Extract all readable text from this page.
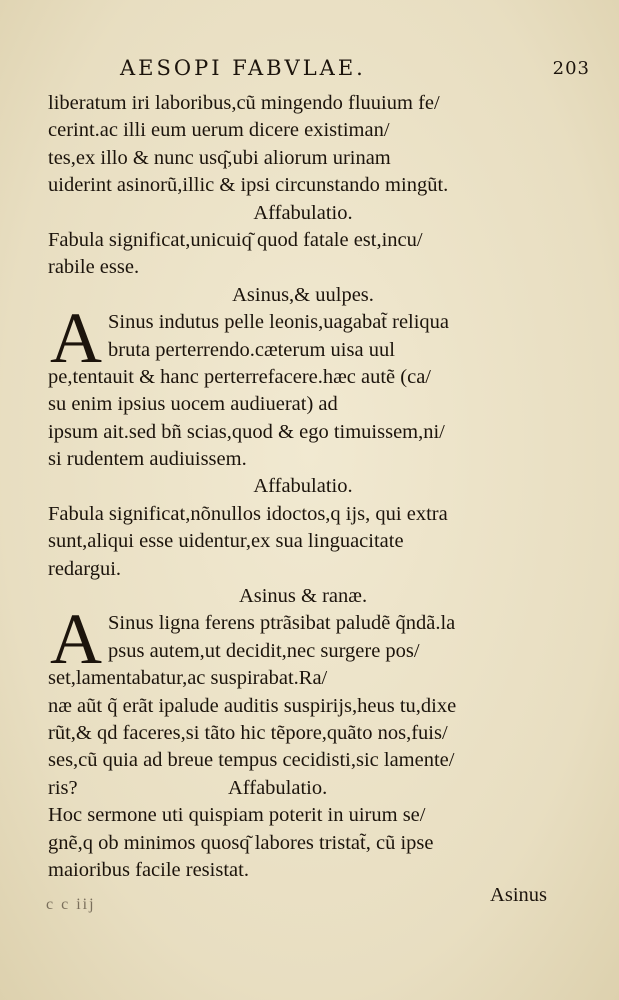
AESOPI FABVLAE.	203
liberatum iri laboribus,cũ mingendo fluuium fe/
cerint.ac illi eum uerum dicere existiman/
tes,ex illo & nunc usq͂,ubi aliorum urinam
uiderint asinorũ,illic & ipsi circunstando mingũt.
Affabulatio.
Fabula significat,unicuiq͂ quod fatale est,incu/
rabile esse.
Asinus,& uulpes.
A Sinus indutus pelle leonis,uagabat̃ reliqua
bruta perterrendo.cæterum uisa uul
pe,tentauit & hanc perterrefacere.hæc autẽ (ca/
su enim ipsius uocem audiuerat) ad
ipsum ait.sed bñ scias,quod & ego timuissem,ni/
si rudentem audiuissem.
Affabulatio.
Fabula significat,nõnullos idoctos,q ijs, qui extra
sunt,aliqui esse uidentur,ex sua linguacitate
redargui.
Asinus & ranæ.
A Sinus ligna ferens ptrãsibat paludẽ q̃ndã.la
psus autem,ut decidit,nec surgere pos/
set,lamentabatur,ac suspirabat.Ra/
næ aũt q̃ erãt ipalude auditis suspirijs,heus tu,dixe
rũt,& qd faceres,si tãto hic tẽpore,quãto nos,fuis/
ses,cũ quia ad breue tempus cecidisti,sic lamente/
ris?	Affabulatio.
Hoc sermone uti quispiam poterit in uirum se/
gnẽ,q ob minimos quosq͂ labores tristat̃, cũ ipse
maioribus facile resistat.
c c iij	Asinus
